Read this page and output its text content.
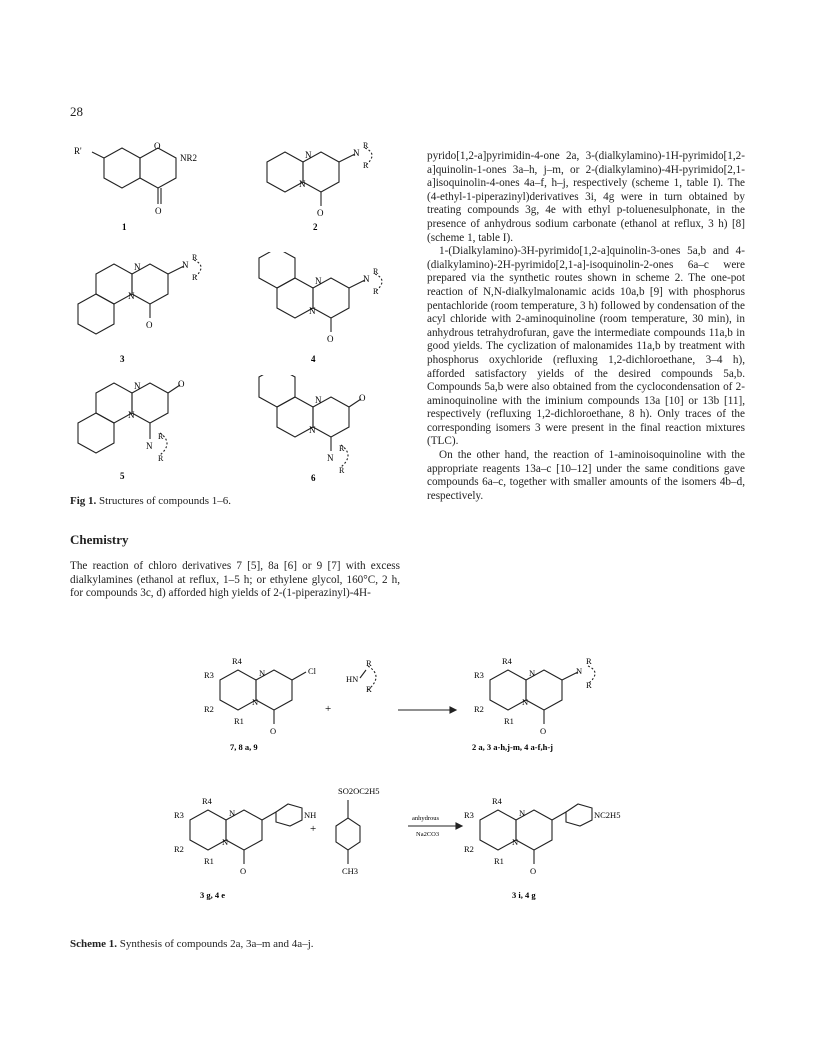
28
R'	O
NR2
O
1
N
N
N
R
R
O
2
N
N
N
R
R
O
3
N
N
N
R
R
O
4
N
N
O
N
R
R
5
N
N
O
N
R
R
6
Fig 1. Structures of compounds 1–6.
Chemistry
The reaction of chloro derivatives 7 [5], 8a [6] or 9 [7] with excess dialkylamines (ethanol at reflux, 1–5 h; or ethylene glycol, 160°C, 2 h, for compounds 3c, d) afforded high yields of 2-(1-piperazinyl)-4H-

pyrido[1,2-a]pyrimidin-4-one 2a, 3-(dialkylamino)-1H-pyrimido[1,2-a]quinolin-1-ones 3a–h, j–m, or 2-(dialkylamino)-4H-pyrimido[2,1-a]isoquinolin-4-ones 4a–f, h–j, respectively (scheme 1, table I). The (4-ethyl-1-piperazinyl)derivatives 3i, 4g were in turn obtained by treating compounds 3g, 4e with ethyl p-toluenesulphonate, in the presence of anhydrous sodium carbonate (ethanol at reflux, 3 h) [8] (scheme 1, table I).

1-(Dialkylamino)-3H-pyrimido[1,2-a]quinolin-3-ones 5a,b and 4-(dialkylamino)-2H-pyrimido[2,1-a]-isoquinolin-2-ones 6a–c were prepared via the synthetic routes shown in scheme 2. The one-pot reaction of N,N-dialkylmalonamic acids 10a,b [9] with phosphorus pentachloride (room temperature, 3 h) followed by condensation of the acyl chloride with 2-aminoquinoline (room temperature, 30 min), in anhydrous tetrahydrofuran, gave the intermediate compounds 11a,b in good yields. The cyclization of malonamides 11a,b by treatment with phosphorus oxychloride (refluxing 1,2-dichloroethane, 3–4 h), afforded satisfactory yields of the desired compounds 5a,b. Compounds 5a,b were also obtained from the cyclocondensation of 2-aminoquinoline with the iminium compounds 13a [10] or 13b [11], respectively (refluxing 1,2-dichloroethane, 8 h). Only traces of the corresponding isomers 3 were present in the final reaction mixtures (TLC).

On the other hand, the reaction of 1-aminoisoquinoline with the appropriate reagents 13a–c [10–12] under the same conditions gave compounds 6a–c, together with smaller amounts of the isomers 4b–d, respectively.

R4
R3
R2
R1
N
N
Cl
O
+
HN
R
R
7, 8 a, 9
R4
R3
R2
R1
N
N
N
R
R
O
2 a, 3 a-h,j-m, 4 a-f,h-j
R4
R3
R2
R1
N
N
NH
O
+
SO2OC2H5
CH3
3 g, 4 e
anhydrous
Na2CO3
R4
R3
R2
R1
N
N
NC2H5
O
3 i, 4 g
Scheme 1. Synthesis of compounds 2a, 3a–m and 4a–j.
